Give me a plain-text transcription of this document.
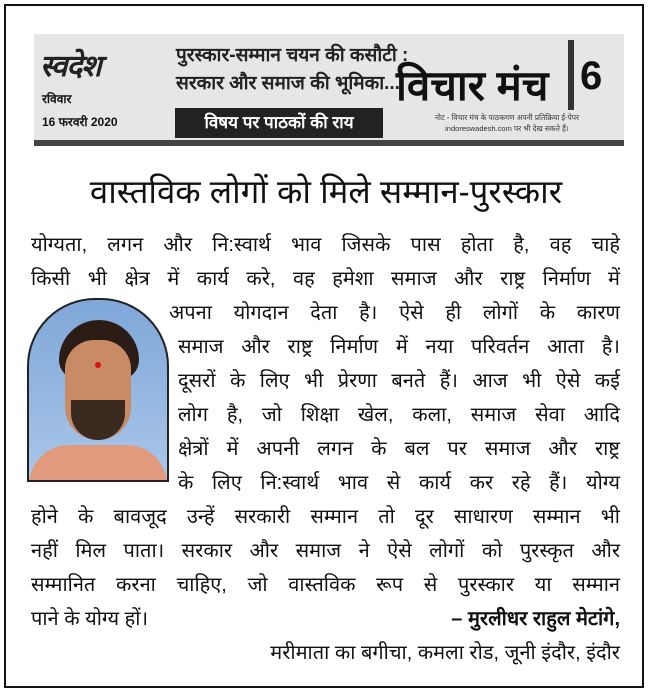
स्वदेश
रविवार
16 फरवरी 2020
पुरस्कार-सम्मान चयन की कसौटी :
सरकार और समाज की भूमिका...
विषय पर पाठकों की राय
विचार मंच 6
नोट - विचार मंच के पाठकगण अपनी प्रतिक्रिया ई-पेपर
indoreswadesh.com पर भी देख सकते हैं।
वास्तविक लोगों को मिले सम्मान-पुरस्कार
योग्यता, लगन और नि:स्वार्थ भाव जिसके पास होता है, वह चाहे
किसी भी क्षेत्र में कार्य करे, वह हमेशा समाज और राष्ट्र निर्माण में
अपना योगदान देता है। ऐसे ही लोगों के कारण
समाज और राष्ट्र निर्माण में नया परिवर्तन आता है।
दूसरों के लिए भी प्रेरणा बनते हैं। आज भी ऐसे कई
लोग है, जो शिक्षा खेल, कला, समाज सेवा आदि
क्षेत्रों में अपनी लगन के बल पर समाज और राष्ट्र
के लिए नि:स्वार्थ भाव से कार्य कर रहे हैं। योग्य
होने के बावजूद उन्हें सरकारी सम्मान तो दूर साधारण सम्मान भी
नहीं मिल पाता। सरकार और समाज ने ऐसे लोगों को पुरस्कृत और
सम्मानित करना चाहिए, जो वास्तविक रूप से पुरस्कार या सम्मान
पाने के योग्य हों।	– मुरलीधर राहुल मेटांगे,
मरीमाता का बगीचा, कमला रोड, जूनी इंदौर, इंदौर
